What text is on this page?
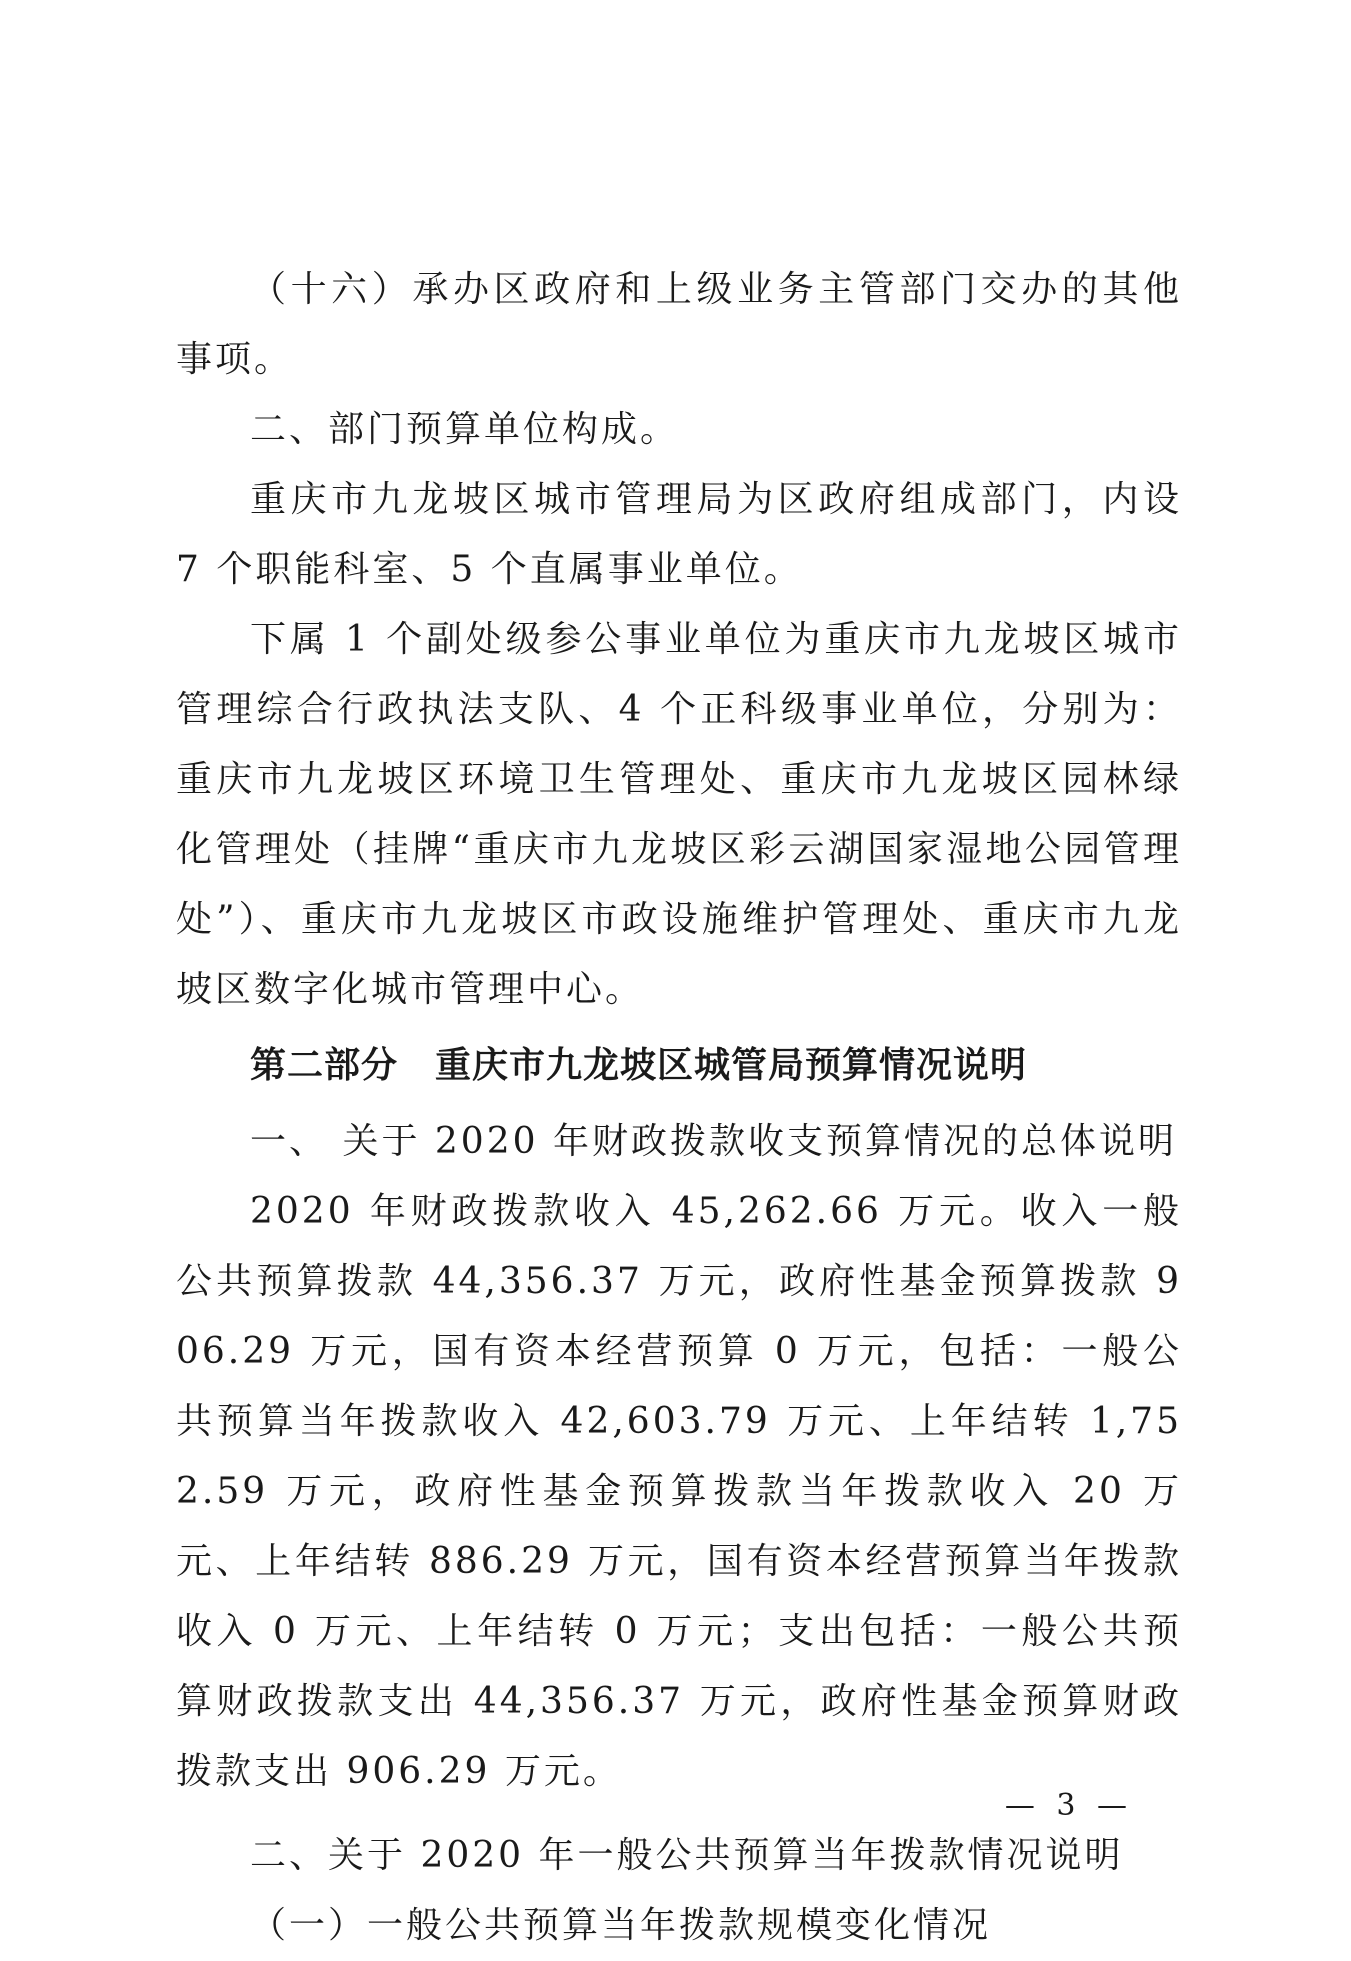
（十六）承办区政府和上级业务主管部门交办的其他事项。

二、部门预算单位构成。

重庆市九龙坡区城市管理局为区政府组成部门，内设 7 个职能科室、5 个直属事业单位。

下属 1 个副处级参公事业单位为重庆市九龙坡区城市管理综合行政执法支队、4 个正科级事业单位，分别为：重庆市九龙坡区环境卫生管理处、重庆市九龙坡区园林绿化管理处（挂牌“重庆市九龙坡区彩云湖国家湿地公园管理处”）、重庆市九龙坡区市政设施维护管理处、重庆市九龙坡区数字化城市管理中心。

第二部分　重庆市九龙坡区城管局预算情况说明

一、 关于 2020 年财政拨款收支预算情况的总体说明

2020 年财政拨款收入 45,262.66 万元。收入一般公共预算拨款 44,356.37 万元，政府性基金预算拨款 906.29 万元，国有资本经营预算 0 万元，包括：一般公共预算当年拨款收入 42,603.79 万元、上年结转 1,752.59 万元，政府性基金预算拨款当年拨款收入 20 万元、上年结转 886.29 万元，国有资本经营预算当年拨款收入 0 万元、上年结转 0 万元；支出包括：一般公共预算财政拨款支出 44,356.37 万元，政府性基金预算财政拨款支出 906.29 万元。

二、关于 2020 年一般公共预算当年拨款情况说明

（一）一般公共预算当年拨款规模变化情况

— 3 —
